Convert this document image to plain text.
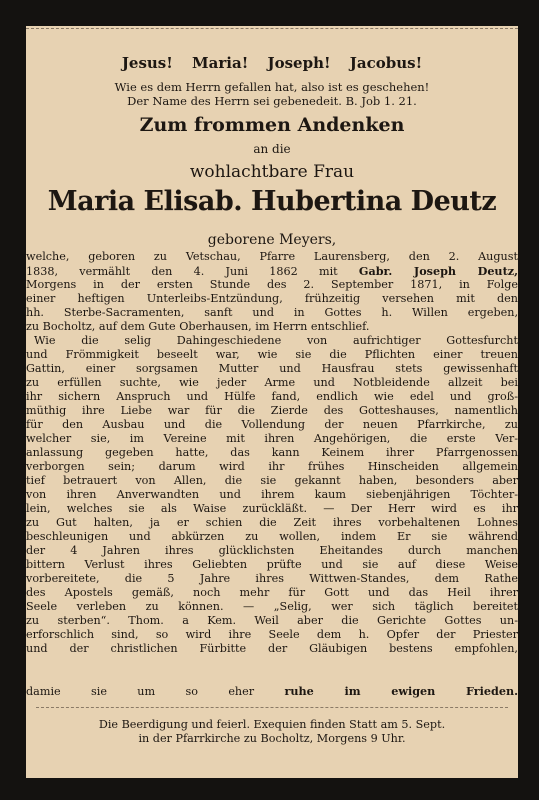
Jesus! Maria! Joseph! Jacobus!
Wie es dem Herrn gefallen hat, also ist es geschehen!
Der Name des Herrn sei gebenedeit. B. Job 1. 21.
Zum frommen Andenken
an die
wohlachtbare Frau
Maria Elisab. Hubertina Deutz
geborene Meyers,
welche, geboren zu Vetschau, Pfarre Laurensberg, den 2. August
1838, vermählt den 4. Juni 1862 mit Gabr. Joseph Deutz,
Morgens in der ersten Stunde des 2. September 1871, in Folge
einer heftigen Unterleibs-Entzündung, frühzeitig versehen mit den
hh. Sterbe-Sacramenten, sanft und in Gottes h. Willen ergeben,
zu Bocholtz, auf dem Gute Oberhausen, im Herrn entschlief.
Wie die selig Dahingeschiedene von aufrichtiger Gottesfurcht
und Frömmigkeit beseelt war, wie sie die Pflichten einer treuen
Gattin, einer sorgsamen Mutter und Hausfrau stets gewissenhaft
zu erfüllen suchte, wie jeder Arme und Notbleidende allzeit bei
ihr sichern Anspruch und Hülfe fand, endlich wie edel und groß-
müthig ihre Liebe war für die Zierde des Gotteshauses, namentlich
für den Ausbau und die Vollendung der neuen Pfarrkirche, zu
welcher sie, im Vereine mit ihren Angehörigen, die erste Ver-
anlassung gegeben hatte, das kann Keinem ihrer Pfarrgenossen
verborgen sein; darum wird ihr frühes Hinscheiden allgemein
tief betrauert von Allen, die sie gekannt haben, besonders aber
von ihren Anverwandten und ihrem kaum siebenjährigen Töchter-
lein, welches sie als Waise zurückläßt. — Der Herr wird es ihr
zu Gut halten, ja er schien die Zeit ihres vorbehaltenen Lohnes
beschleunigen und abkürzen zu wollen, indem Er sie während
der 4 Jahren ihres glücklichsten Eheitandes durch manchen
bittern Verlust ihres Geliebten prüfte und sie auf diese Weise
vorbereitete, die 5 Jahre ihres Wittwen-Standes, dem Rathe
des Apostels gemäß, noch mehr für Gott und das Heil ihrer
Seele verleben zu können. — „Selig, wer sich täglich bereitet
zu sterben“. Thom. a Kem. Weil aber die Gerichte Gottes un-
erforschlich sind, so wird ihre Seele dem h. Opfer der Priester
und der christlichen Fürbitte der Gläubigen bestens empfohlen,
damie sie um so eher ruhe im ewigen Frieden.
Die Beerdigung und feierl. Exequien finden Statt am 5. Sept.
in der Pfarrkirche zu Bocholtz, Morgens 9 Uhr.
